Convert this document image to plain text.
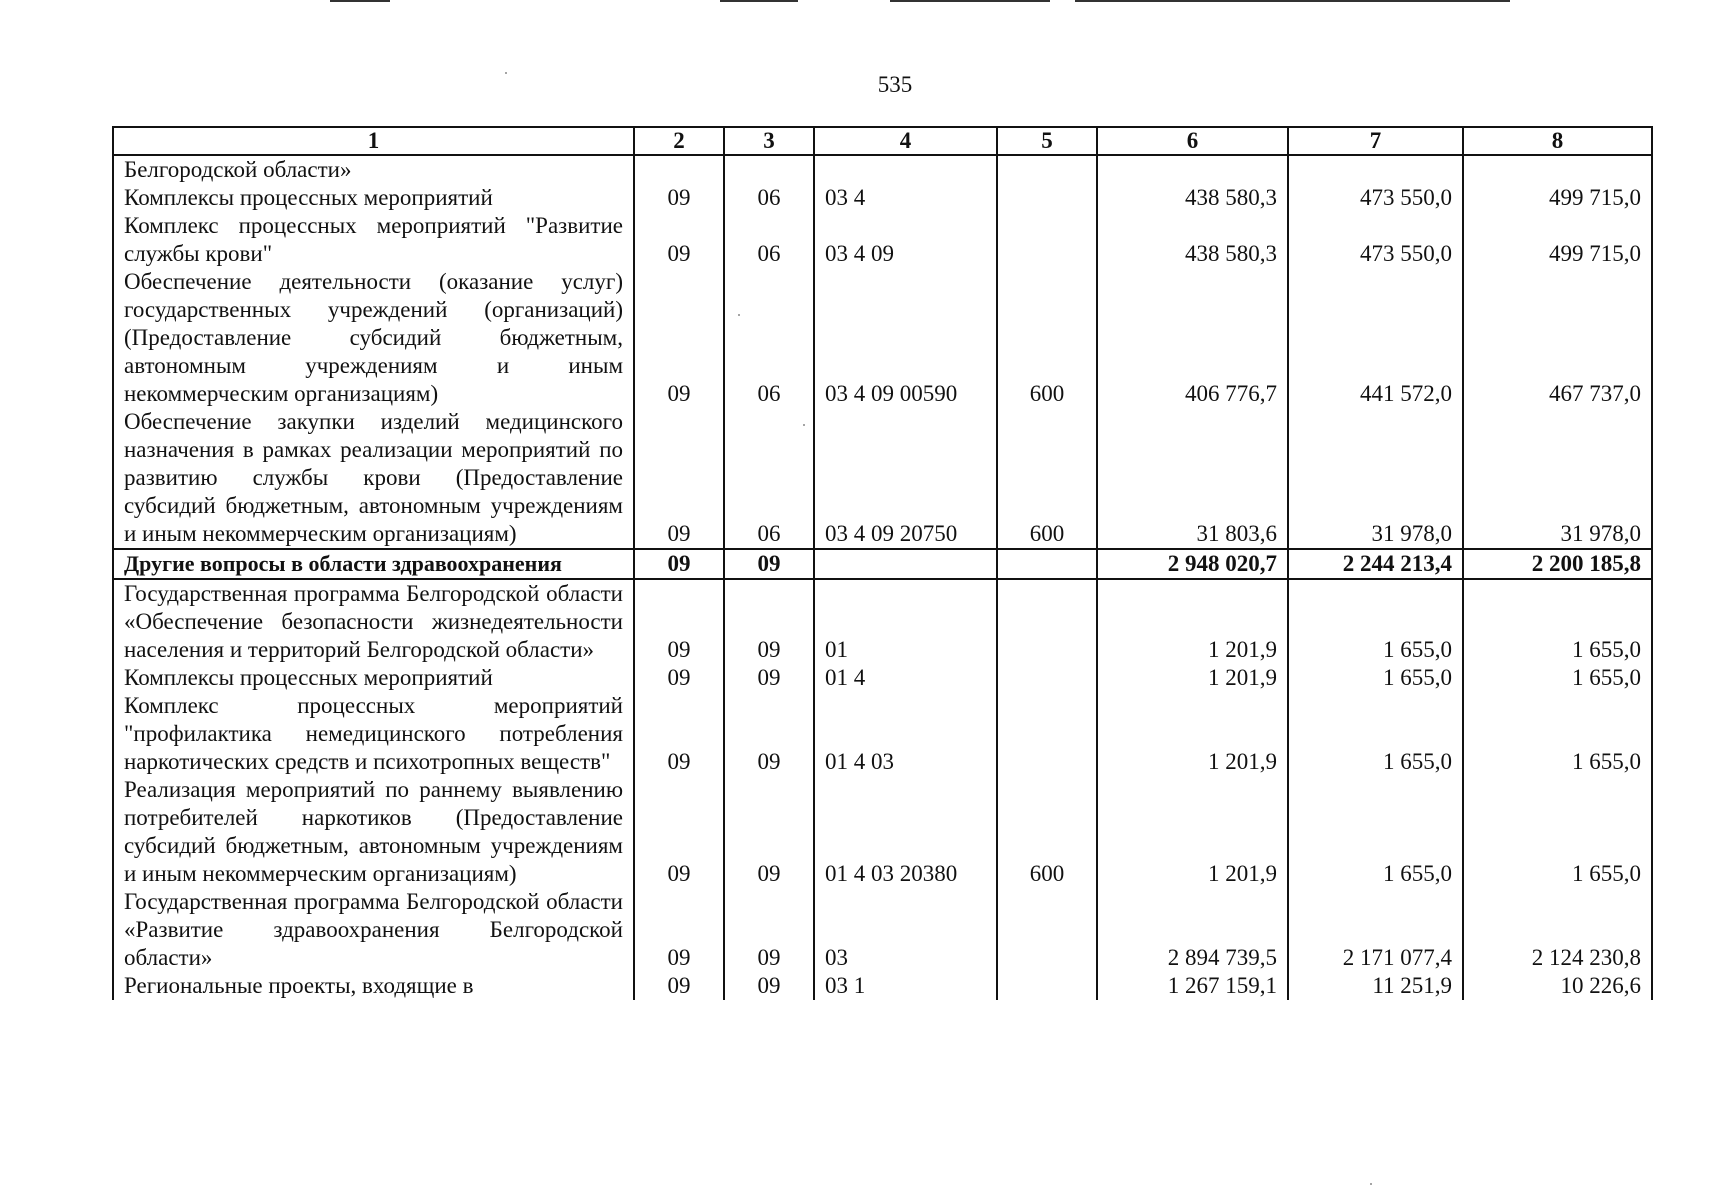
535
1	2	3	4	5	6	7	8
Белгородской области»							
Комплексы процессных мероприятий	09	06	03 4		438 580,3	473 550,0	499 715,0
Комплекс процессных мероприятий "Развитие службы крови"	09	06	03 4 09		438 580,3	473 550,0	499 715,0
Обеспечение деятельности (оказание услуг) государственных учреждений (организаций) (Предоставление субсидий бюджетным, автономным учреждениям и иным некоммерческим организациям)	09	06	03 4 09 00590	600	406 776,7	441 572,0	467 737,0
Обеспечение закупки изделий медицинского назначения в рамках реализации мероприятий по развитию службы крови (Предоставление субсидий бюджетным, автономным учреждениям и иным некоммерческим организациям)	09	06	03 4 09 20750	600	31 803,6	31 978,0	31 978,0
Другие вопросы в области здравоохранения	09	09			2 948 020,7	2 244 213,4	2 200 185,8
Государственная программа Белгородской области «Обеспечение безопасности жизнедеятельности населения и территорий Белгородской области»	09	09	01		1 201,9	1 655,0	1 655,0
Комплексы процессных мероприятий	09	09	01 4		1 201,9	1 655,0	1 655,0
Комплекс процессных мероприятий "профилактика немедицинского потребления наркотических средств и психотропных веществ"	09	09	01 4 03		1 201,9	1 655,0	1 655,0
Реализация мероприятий по раннему выявлению потребителей наркотиков (Предоставление субсидий бюджетным, автономным учреждениям и иным некоммерческим организациям)	09	09	01 4 03 20380	600	1 201,9	1 655,0	1 655,0
Государственная программа Белгородской области «Развитие здравоохранения Белгородской области»	09	09	03		2 894 739,5	2 171 077,4	2 124 230,8
Региональные проекты, входящие в	09	09	03 1		1 267 159,1	11 251,9	10 226,6
